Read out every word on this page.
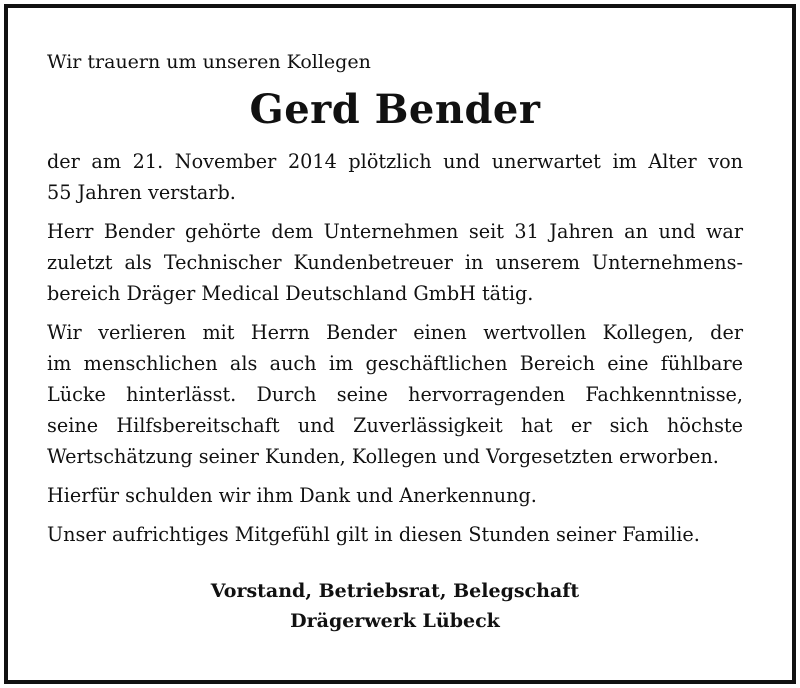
Wir trauern um unseren Kollegen
Gerd Bender
der am 21. November 2014 plötzlich und unerwartet im Alter von
55 Jahren verstarb.
Herr Bender gehörte dem Unternehmen seit 31 Jahren an und war
zuletzt als Technischer Kundenbetreuer in unserem Unternehmens-
bereich Dräger Medical Deutschland GmbH tätig.
Wir verlieren mit Herrn Bender einen wertvollen Kollegen, der
im menschlichen als auch im geschäftlichen Bereich eine fühlbare
Lücke hinterlässt. Durch seine hervorragenden Fachkenntnisse,
seine Hilfsbereitschaft und Zuverlässigkeit hat er sich höchste
Wertschätzung seiner Kunden, Kollegen und Vorgesetzten erworben.
Hierfür schulden wir ihm Dank und Anerkennung.
Unser aufrichtiges Mitgefühl gilt in diesen Stunden seiner Familie.
Vorstand, Betriebsrat, Belegschaft
Drägerwerk Lübeck
